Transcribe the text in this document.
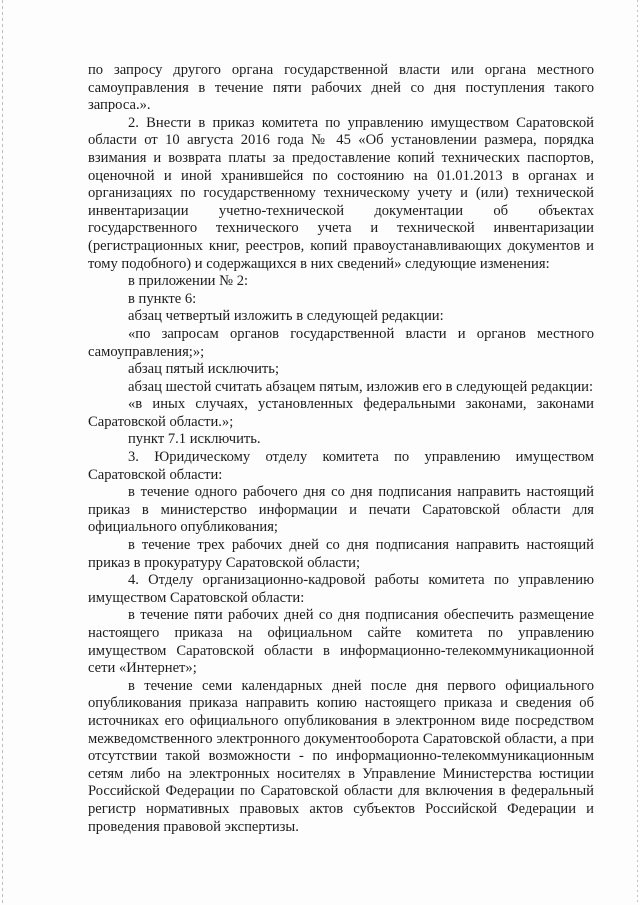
по запросу другого органа государственной власти или органа местного самоуправления в течение пяти рабочих дней со дня поступления такого запроса.».

2. Внести в приказ комитета по управлению имуществом Саратовской области от 10 августа 2016 года № 45 «Об установлении размера, порядка взимания и возврата платы за предоставление копий технических паспортов, оценочной и иной хранившейся по состоянию на 01.01.2013 в органах и организациях по государственному техническому учету и (или) технической инвентаризации учетно-технической документации об объектах государственного технического учета и технической инвентаризации (регистрационных книг, реестров, копий правоустанавливающих документов и тому подобного) и содержащихся в них сведений» следующие изменения:

в приложении № 2:

в пункте 6:

абзац четвертый изложить в следующей редакции:

«по запросам органов государственной власти и органов местного самоуправления;»;

абзац пятый исключить;

абзац шестой считать абзацем пятым, изложив его в следующей редакции:

«в иных случаях, установленных федеральными законами, законами Саратовской области.»;

пункт 7.1 исключить.

3. Юридическому отделу комитета по управлению имуществом Саратовской области:

в течение одного рабочего дня со дня подписания направить настоящий приказ в министерство информации и печати Саратовской области для официального опубликования;

в течение трех рабочих дней со дня подписания направить настоящий приказ в прокуратуру Саратовской области;

4. Отделу организационно-кадровой работы комитета по управлению имуществом Саратовской области:

в течение пяти рабочих дней со дня подписания обеспечить размещение настоящего приказа на официальном сайте комитета по управлению имуществом Саратовской области в информационно-телекоммуникационной сети «Интернет»;

в течение семи календарных дней после дня первого официального опубликования приказа направить копию настоящего приказа и сведения об источниках его официального опубликования в электронном виде посредством межведомственного электронного документооборота Саратовской области, а при отсутствии такой возможности - по информационно-телекоммуникационным сетям либо на электронных носителях в Управление Министерства юстиции Российской Федерации по Саратовской области для включения в федеральный регистр нормативных правовых актов субъектов Российской Федерации и проведения правовой экспертизы.
